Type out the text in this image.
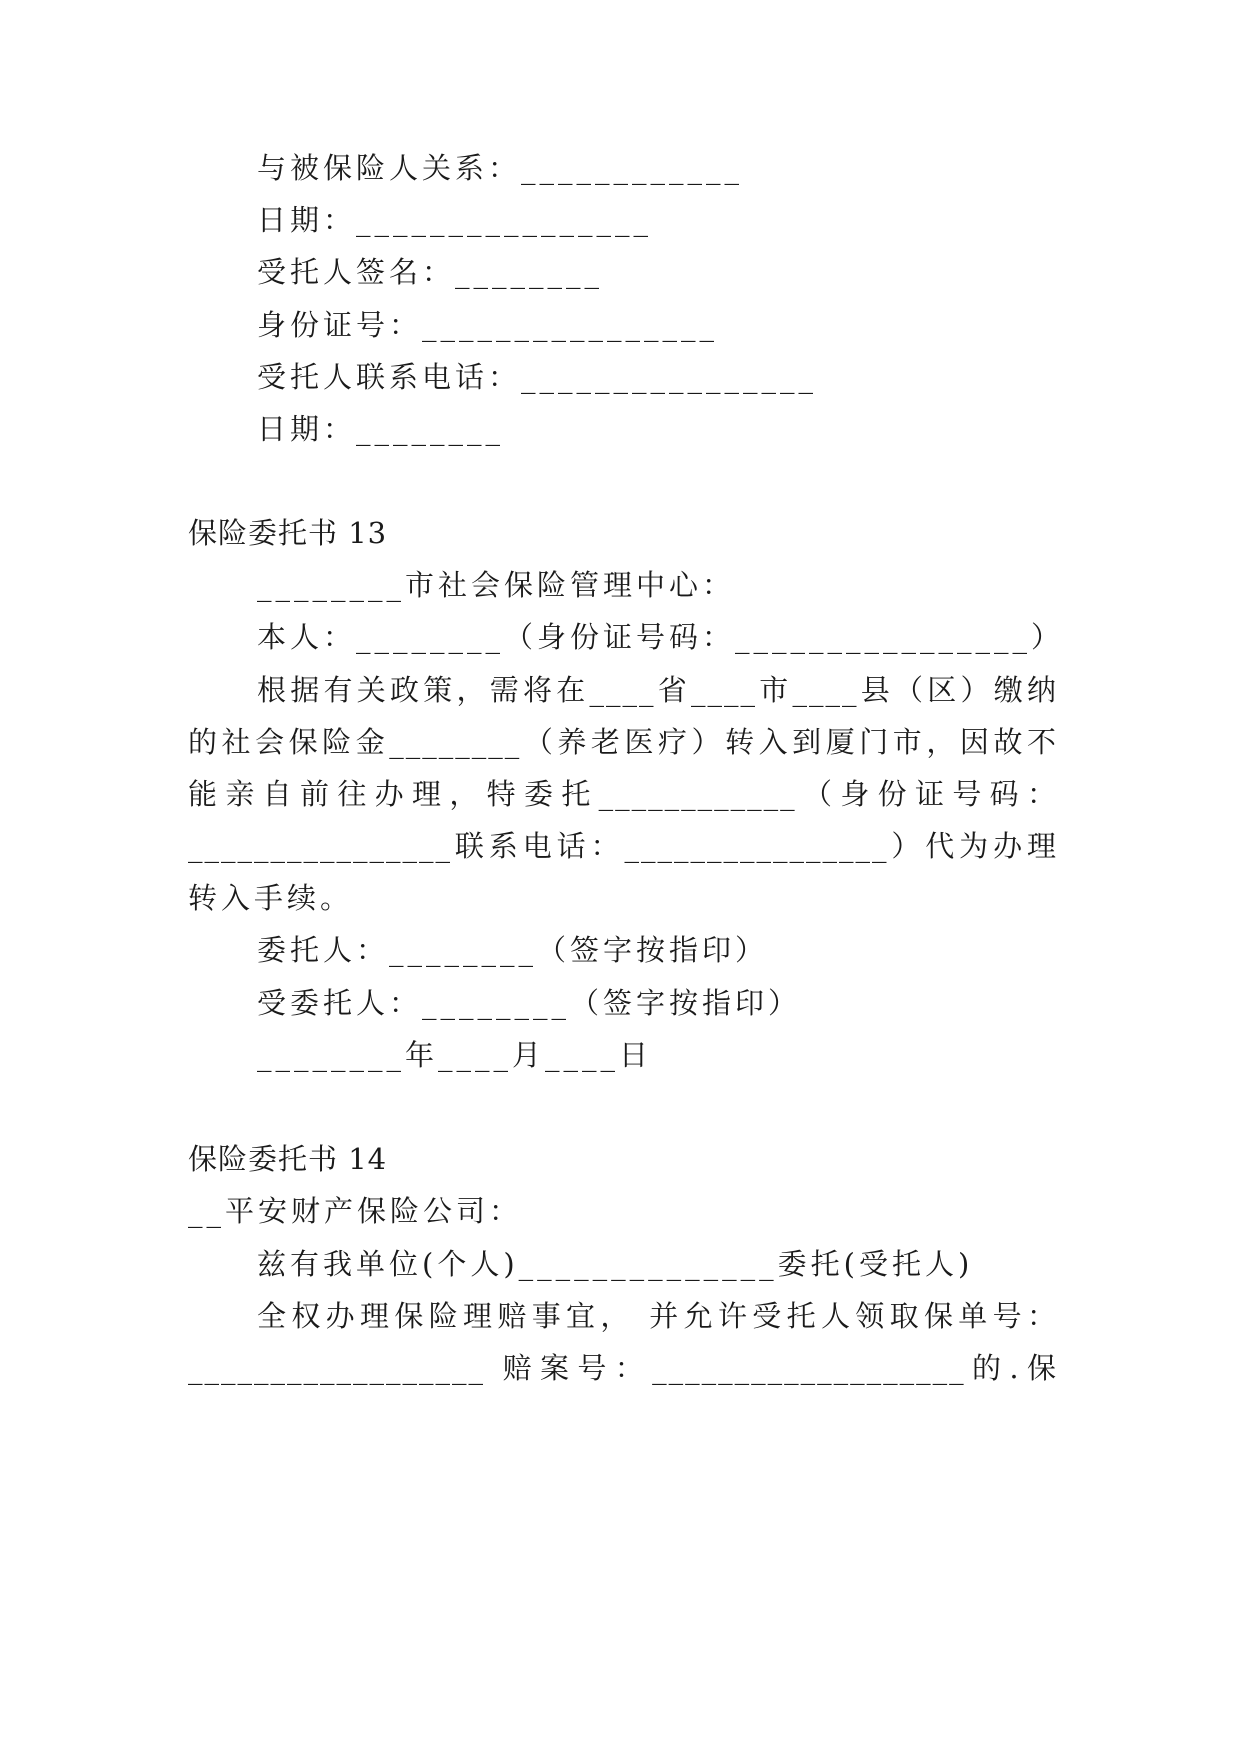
与被保险人关系：____________
日期：________________
受托人签名：________
身份证号：________________
受托人联系电话：________________
日期：________
保险委托书 13
________市社会保险管理中心：
本人：________（身份证号码：________________）
根据有关政策，需将在____省____市____县（区）缴纳
的社会保险金________（养老医疗）转入到厦门市，因故不
能亲自前往办理，特委托____________（身份证号码：
________________联系电话：________________）代为办理
转入手续。
委托人：________（签字按指印）
受委托人：________（签字按指印）
________年____月____日
保险委托书 14
__平安财产保险公司：
兹有我单位(个人)______________委托(受托人)
全权办理保险理赔事宜， 并允许受托人领取保单号：
__________________ 赔案号：___________________的.保
